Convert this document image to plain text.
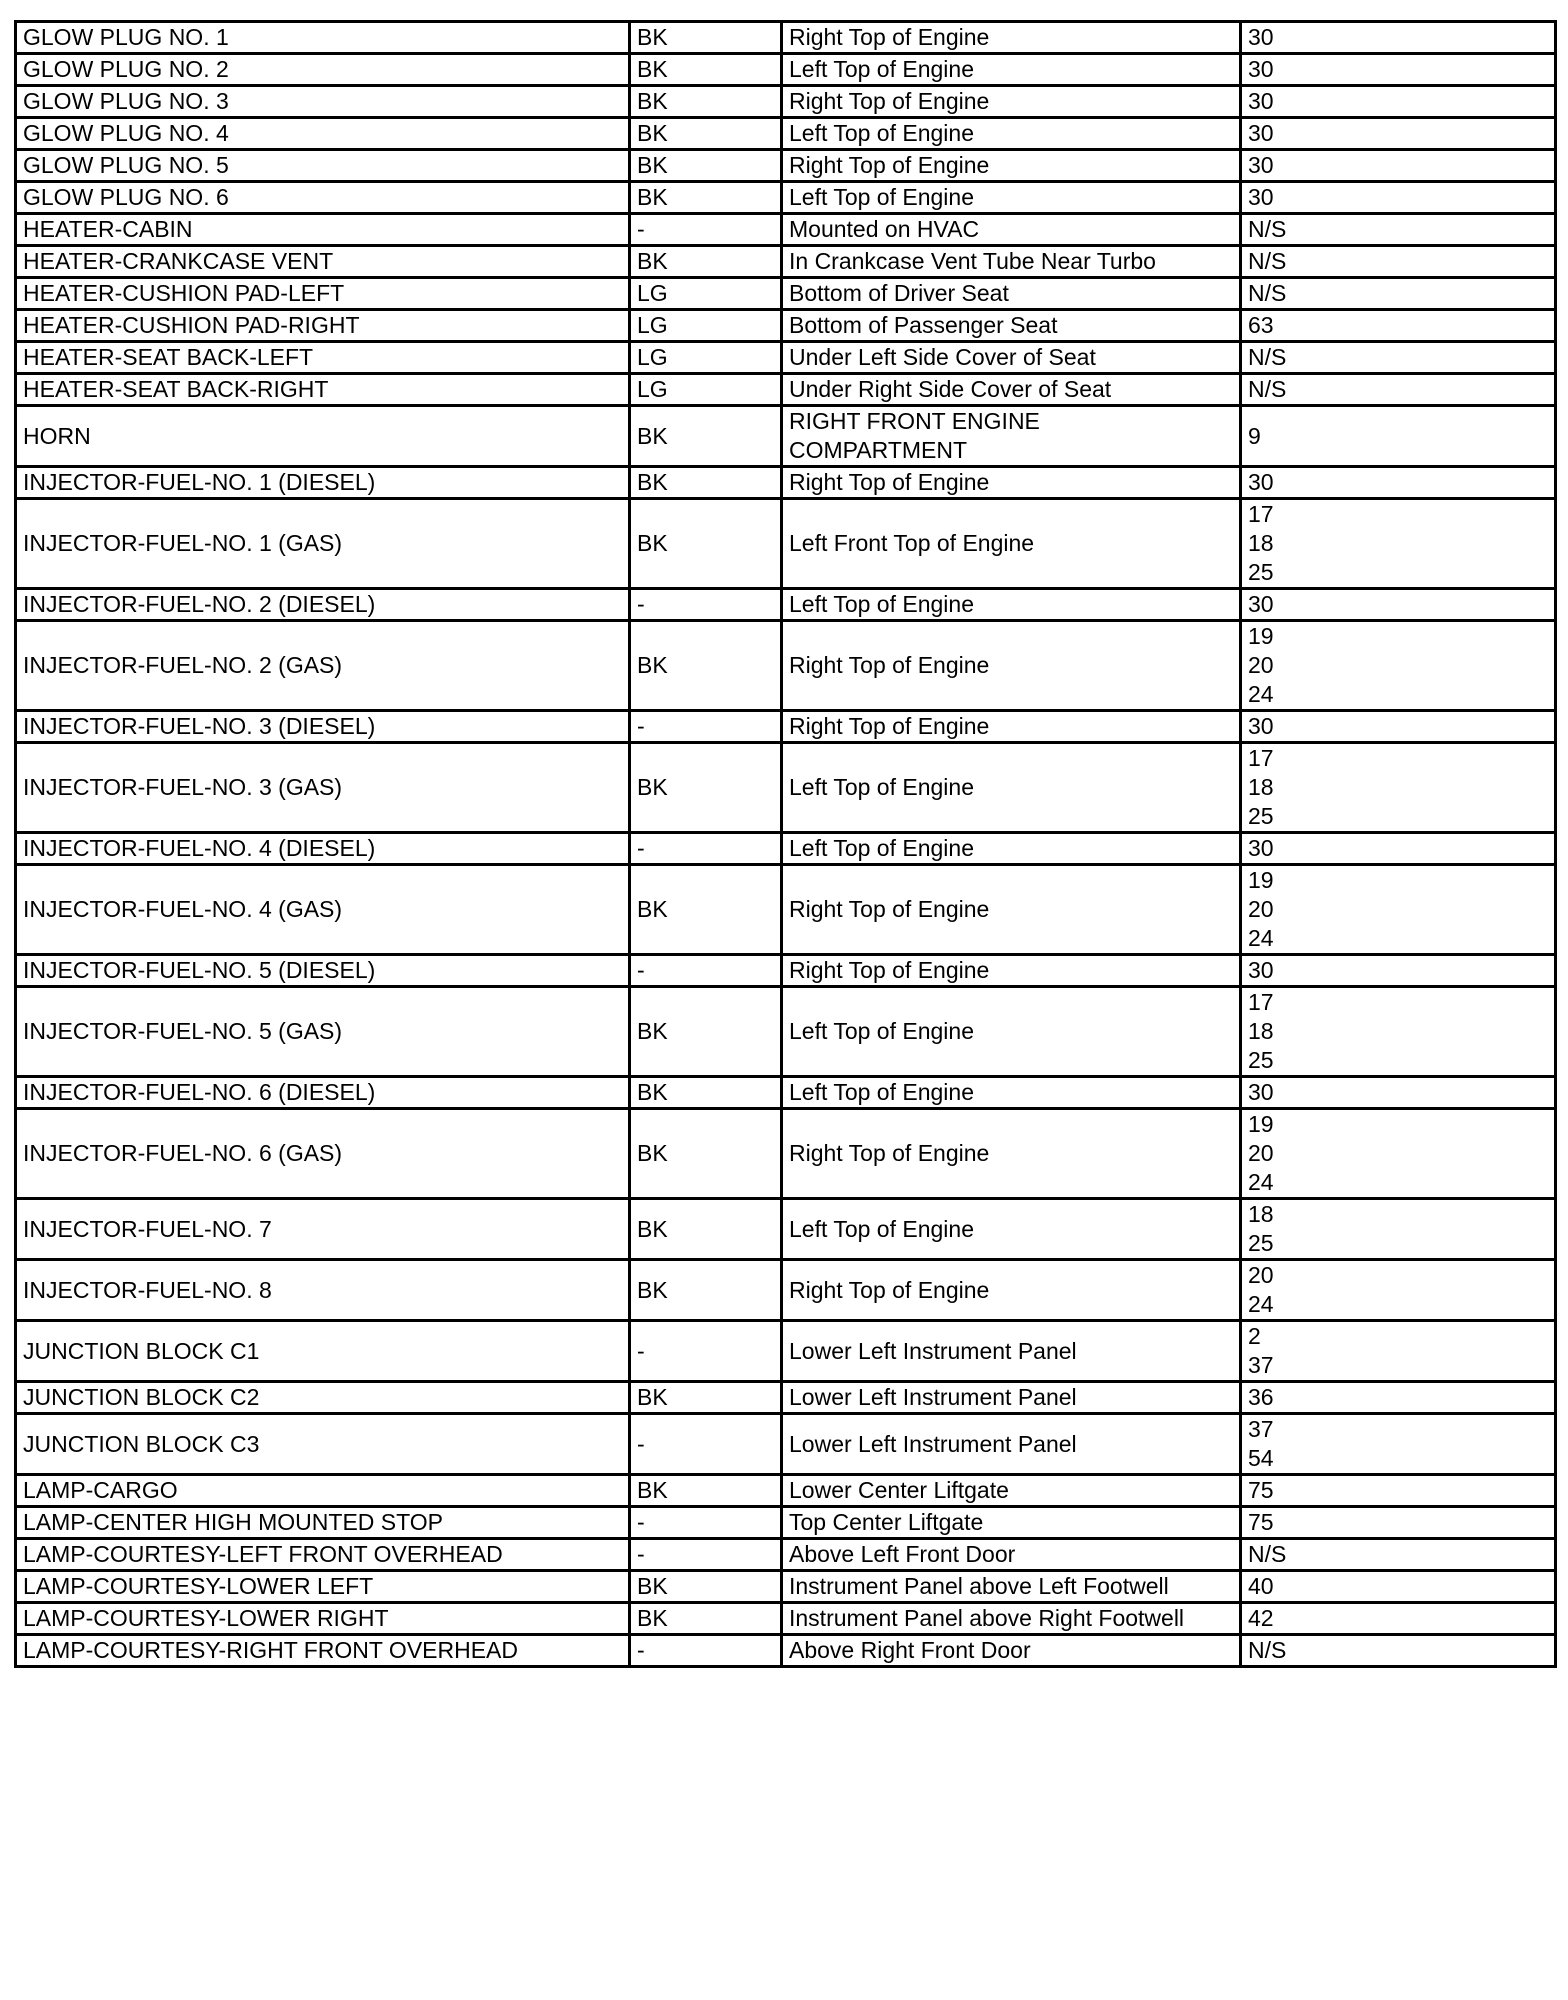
GLOW PLUG NO. 1	BK	Right Top of Engine	30
GLOW PLUG NO. 2	BK	Left Top of Engine	30
GLOW PLUG NO. 3	BK	Right Top of Engine	30
GLOW PLUG NO. 4	BK	Left Top of Engine	30
GLOW PLUG NO. 5	BK	Right Top of Engine	30
GLOW PLUG NO. 6	BK	Left Top of Engine	30
HEATER-CABIN	-	Mounted on HVAC	N/S
HEATER-CRANKCASE VENT	BK	In Crankcase Vent Tube Near Turbo	N/S
HEATER-CUSHION PAD-LEFT	LG	Bottom of Driver Seat	N/S
HEATER-CUSHION PAD-RIGHT	LG	Bottom of Passenger Seat	63
HEATER-SEAT BACK-LEFT	LG	Under Left Side Cover of Seat	N/S
HEATER-SEAT BACK-RIGHT	LG	Under Right Side Cover of Seat	N/S
HORN	BK	RIGHT FRONT ENGINE
COMPARTMENT	9
INJECTOR-FUEL-NO. 1 (DIESEL)	BK	Right Top of Engine	30
INJECTOR-FUEL-NO. 1 (GAS)	BK	Left Front Top of Engine	17
18
25
INJECTOR-FUEL-NO. 2 (DIESEL)	-	Left Top of Engine	30
INJECTOR-FUEL-NO. 2 (GAS)	BK	Right Top of Engine	19
20
24
INJECTOR-FUEL-NO. 3 (DIESEL)	-	Right Top of Engine	30
INJECTOR-FUEL-NO. 3 (GAS)	BK	Left Top of Engine	17
18
25
INJECTOR-FUEL-NO. 4 (DIESEL)	-	Left Top of Engine	30
INJECTOR-FUEL-NO. 4 (GAS)	BK	Right Top of Engine	19
20
24
INJECTOR-FUEL-NO. 5 (DIESEL)	-	Right Top of Engine	30
INJECTOR-FUEL-NO. 5 (GAS)	BK	Left Top of Engine	17
18
25
INJECTOR-FUEL-NO. 6 (DIESEL)	BK	Left Top of Engine	30
INJECTOR-FUEL-NO. 6 (GAS)	BK	Right Top of Engine	19
20
24
INJECTOR-FUEL-NO. 7	BK	Left Top of Engine	18
25
INJECTOR-FUEL-NO. 8	BK	Right Top of Engine	20
24
JUNCTION BLOCK C1	-	Lower Left Instrument Panel	2
37
JUNCTION BLOCK C2	BK	Lower Left Instrument Panel	36
JUNCTION BLOCK C3	-	Lower Left Instrument Panel	37
54
LAMP-CARGO	BK	Lower Center Liftgate	75
LAMP-CENTER HIGH MOUNTED STOP	-	Top Center Liftgate	75
LAMP-COURTESY-LEFT FRONT OVERHEAD	-	Above Left Front Door	N/S
LAMP-COURTESY-LOWER LEFT	BK	Instrument Panel above Left Footwell	40
LAMP-COURTESY-LOWER RIGHT	BK	Instrument Panel above Right Footwell	42
LAMP-COURTESY-RIGHT FRONT OVERHEAD	-	Above Right Front Door	N/S
